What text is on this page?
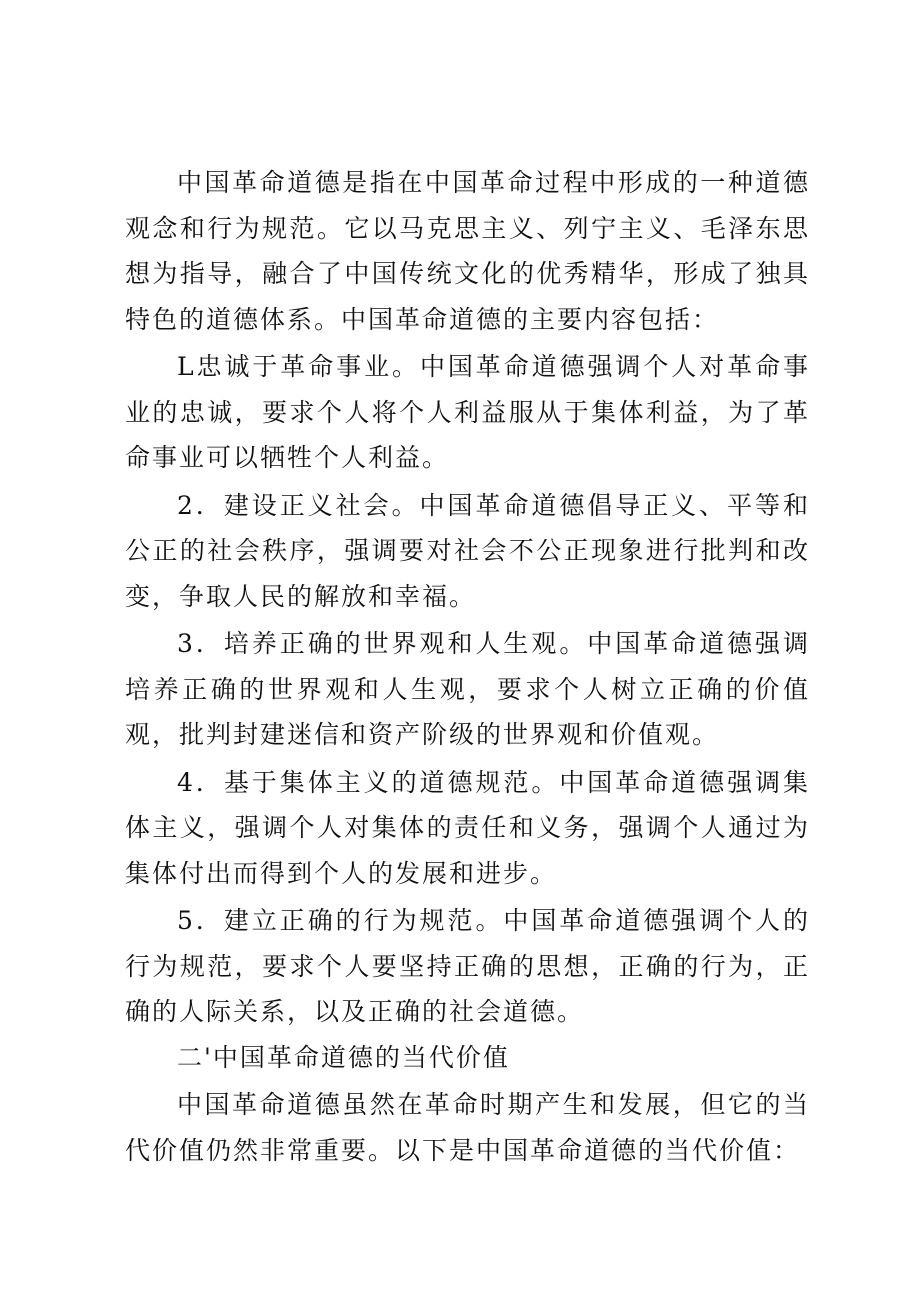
中国革命道德是指在中国革命过程中形成的一种道德观念和行为规范。它以马克思主义、列宁主义、毛泽东思想为指导，融合了中国传统文化的优秀精华，形成了独具特色的道德体系。中国革命道德的主要内容包括：

L忠诚于革命事业。中国革命道德强调个人对革命事业的忠诚，要求个人将个人利益服从于集体利益，为了革命事业可以牺牲个人利益。

2．建设正义社会。中国革命道德倡导正义、平等和公正的社会秩序，强调要对社会不公正现象进行批判和改变，争取人民的解放和幸福。

3．培养正确的世界观和人生观。中国革命道德强调培养正确的世界观和人生观，要求个人树立正确的价值观，批判封建迷信和资产阶级的世界观和价值观。

4．基于集体主义的道德规范。中国革命道德强调集体主义，强调个人对集体的责任和义务，强调个人通过为集体付出而得到个人的发展和进步。

5．建立正确的行为规范。中国革命道德强调个人的行为规范，要求个人要坚持正确的思想，正确的行为，正确的人际关系，以及正确的社会道德。

二'中国革命道德的当代价值

中国革命道德虽然在革命时期产生和发展，但它的当代价值仍然非常重要。以下是中国革命道德的当代价值：
